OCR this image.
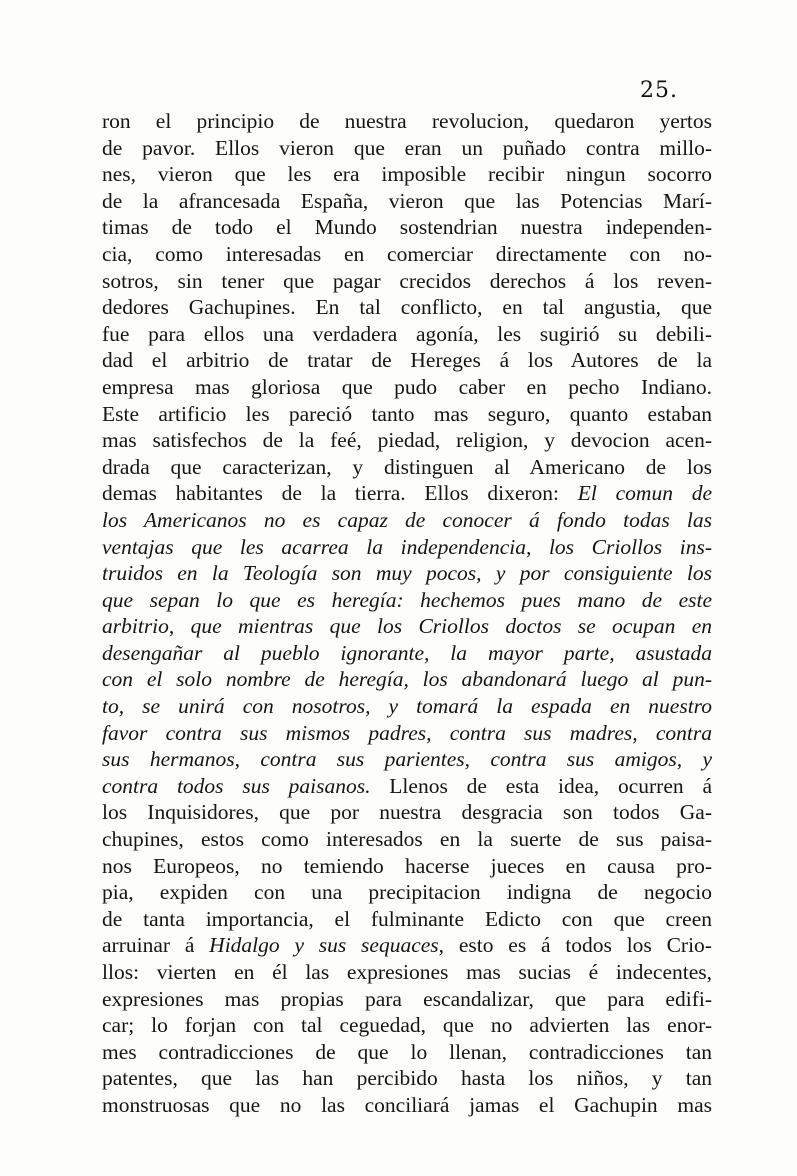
25.
ron el principio de nuestra revolucion, quedaron yertos
de pavor. Ellos vieron que eran un puñado contra millo-
nes, vieron que les era imposible recibir ningun socorro
de la afrancesada España, vieron que las Potencias Marí-
timas de todo el Mundo sostendrian nuestra independen-
cia, como interesadas en comerciar directamente con no-
sotros, sin tener que pagar crecidos derechos á los reven-
dedores Gachupines. En tal conflicto, en tal angustia, que
fue para ellos una verdadera agonía, les sugirió su debili-
dad el arbitrio de tratar de Hereges á los Autores de la
empresa mas gloriosa que pudo caber en pecho Indiano.
Este artificio les pareció tanto mas seguro, quanto estaban
mas satisfechos de la feé, piedad, religion, y devocion acen-
drada que caracterizan, y distinguen al Americano de los
demas habitantes de la tierra. Ellos dixeron: El comun de
los Americanos no es capaz de conocer á fondo todas las
ventajas que les acarrea la independencia, los Criollos ins-
truidos en la Teología son muy pocos, y por consiguiente los
que sepan lo que es heregía: hechemos pues mano de este
arbitrio, que mientras que los Criollos doctos se ocupan en
desengañar al pueblo ignorante, la mayor parte, asustada
con el solo nombre de heregía, los abandonará luego al pun-
to, se unirá con nosotros, y tomará la espada en nuestro
favor contra sus mismos padres, contra sus madres, contra
sus hermanos, contra sus parientes, contra sus amigos, y
contra todos sus paisanos. Llenos de esta idea, ocurren á
los Inquisidores, que por nuestra desgracia son todos Ga-
chupines, estos como interesados en la suerte de sus paisa-
nos Europeos, no temiendo hacerse jueces en causa pro-
pia, expiden con una precipitacion indigna de negocio
de tanta importancia, el fulminante Edicto con que creen
arruinar á Hidalgo y sus sequaces, esto es á todos los Crio-
llos: vierten en él las expresiones mas sucias é indecentes,
expresiones mas propias para escandalizar, que para edifi-
car; lo forjan con tal ceguedad, que no advierten las enor-
mes contradicciones de que lo llenan, contradicciones tan
patentes, que las han percibido hasta los niños, y tan
monstruosas que no las conciliará jamas el Gachupin mas
